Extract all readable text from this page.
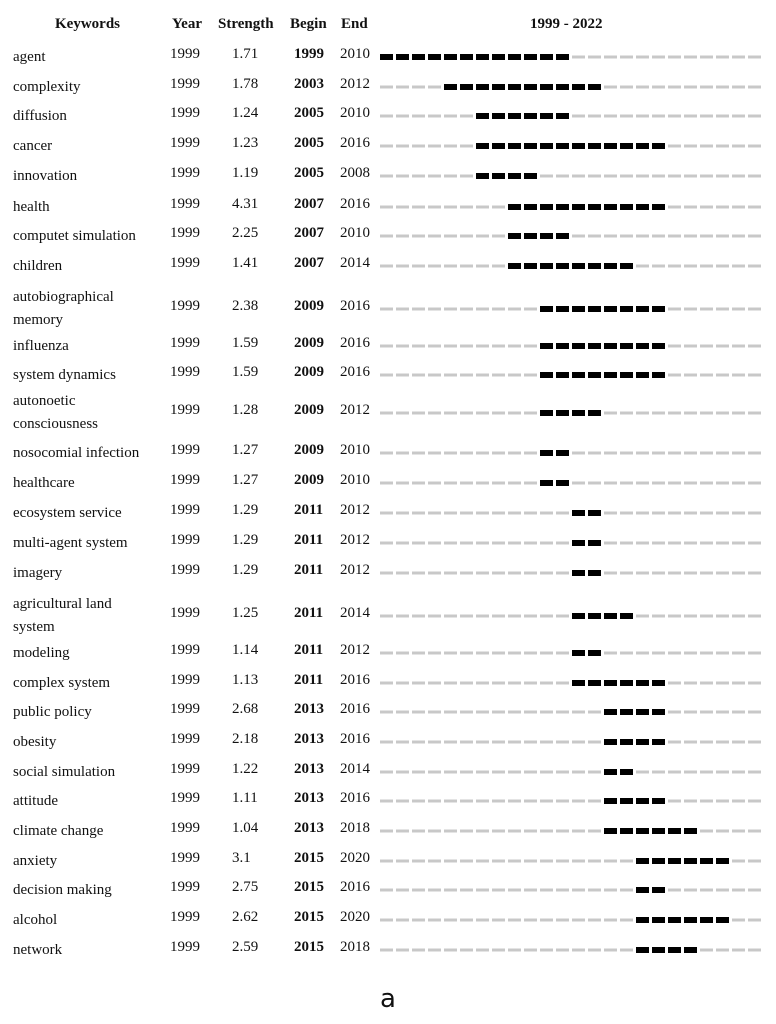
Keywords	Year Strength Begin End	1999 - 2022
agent	1999 1.71 1999 2010
complexity	1999 1.78 2003 2012
diffusion	1999 1.24 2005 2010
cancer	1999 1.23 2005 2016
innovation	1999 1.19 2005 2008
health	1999 4.31 2007 2016
computet simulation	1999 2.25 2007 2010
children	1999 1.41 2007 2014
autobiographical memory
1999 2.38 2009 2016
influenza	1999 1.59 2009 2016
system dynamics	1999 1.59 2009 2016
autonoetic consciousness
1999 1.28 2009 2012
nosocomial infection	1999 1.27 2009 2010
healthcare	1999 1.27 2009 2010
ecosystem service	1999 1.29 2011 2012
multi-agent system	1999 1.29 2011 2012
imagery	1999 1.29 2011 2012
agricultural land system
1999 1.25 2011 2014
modeling	1999 1.14 2011 2012
complex system	1999 1.13 2011 2016
public policy	1999 2.68 2013 2016
obesity	1999 2.18 2013 2016
social simulation	1999 1.22 2013 2014
attitude	1999 1.11 2013 2016
climate change	1999 1.04 2013 2018
anxiety	1999 3.1	2015 2020
decision making	1999 2.75 2015 2016
alcohol	1999 2.62 2015 2020
network	1999 2.59 2015 2018
a
